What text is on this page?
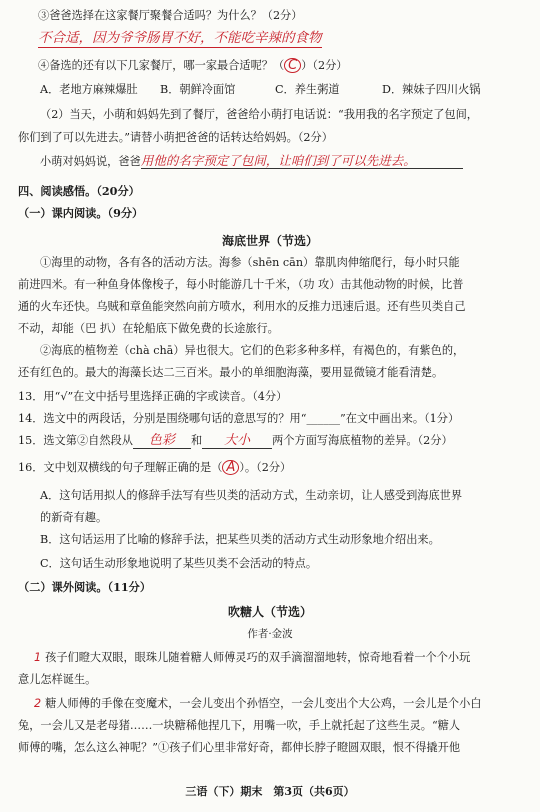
③爸爸选择在这家餐厅聚餐合适吗？为什么？（2分）
不合适，因为爷爷肠胃不好，不能吃辛辣的食物
④备选的还有以下几家餐厅，哪一家最合适呢？（ C ）（2分）
A．老地方麻辣爆肚 B．朝鲜冷面馆	C．养生粥道	D．辣妹子四川火锅
（2）当天，小萌和妈妈先到了餐厅，爸爸给小萌打电话说：“我用我的名字预定了包间，
你们到了可以先进去。”请替小萌把爸爸的话转达给妈妈。（2分）
小萌对妈妈说，爸爸用他的名字预定了包间，让咱们到了可以先进去。
四、阅读感悟。（20分）
（一）课内阅读。（9分）
海底世界（节选）
①海里的动物，各有各的活动方法。海参（shēn cān）靠肌肉伸缩爬行，每小时只能
前进四米。有一种鱼身体像梭子，每小时能游几十千米，（功 攻）击其他动物的时候，比普
通的火车还快。乌贼和章鱼能突然向前方喷水，利用水的反推力迅速后退。还有些贝类自己
不动，却能（巴 扒）在轮船底下做免费的长途旅行。
②海底的植物差（chà chā）异也很大。它们的色彩多种多样，有褐色的，有紫色的，
还有红色的。最大的海藻长达二三百米。最小的单细胞海藻，要用显微镜才能看清楚。
13．用“√”在文中括号里选择正确的字或读音。（4分）
14．选文中的两段话，分别是围绕哪句话的意思写的？用“______”在文中画出来。（1分）
15．选文第②自然段从 色彩 和 大小 两个方面写海底植物的差异。（2分）
16．文中划双横线的句子理解正确的是（ A ）。（2分）
A．这句话用拟人的修辞手法写有些贝类的活动方式，生动亲切，让人感受到海底世界
的新奇有趣。
B．这句话运用了比喻的修辞手法，把某些贝类的活动方式生动形象地介绍出来。
C．这句话生动形象地说明了某些贝类不会活动的特点。
（二）课外阅读。（11分）
吹糖人（节选）
作者·金波
1 孩子们瞪大双眼，眼珠儿随着糖人师傅灵巧的双手滴溜溜地转，惊奇地看着一个个小玩
意儿怎样诞生。
2 糖人师傅的手像在变魔术，一会儿变出个孙悟空，一会儿变出个大公鸡，一会儿是个小白
兔，一会儿又是老母猪……一块糖稀他捏几下，用嘴一吹，手上就托起了这些生灵。“糖人
师傅的嘴，怎么这么神呢？”①孩子们心里非常好奇，都伸长脖子瞪圆双眼，恨不得撬开他
三语（下）期末　第3页（共6页）
